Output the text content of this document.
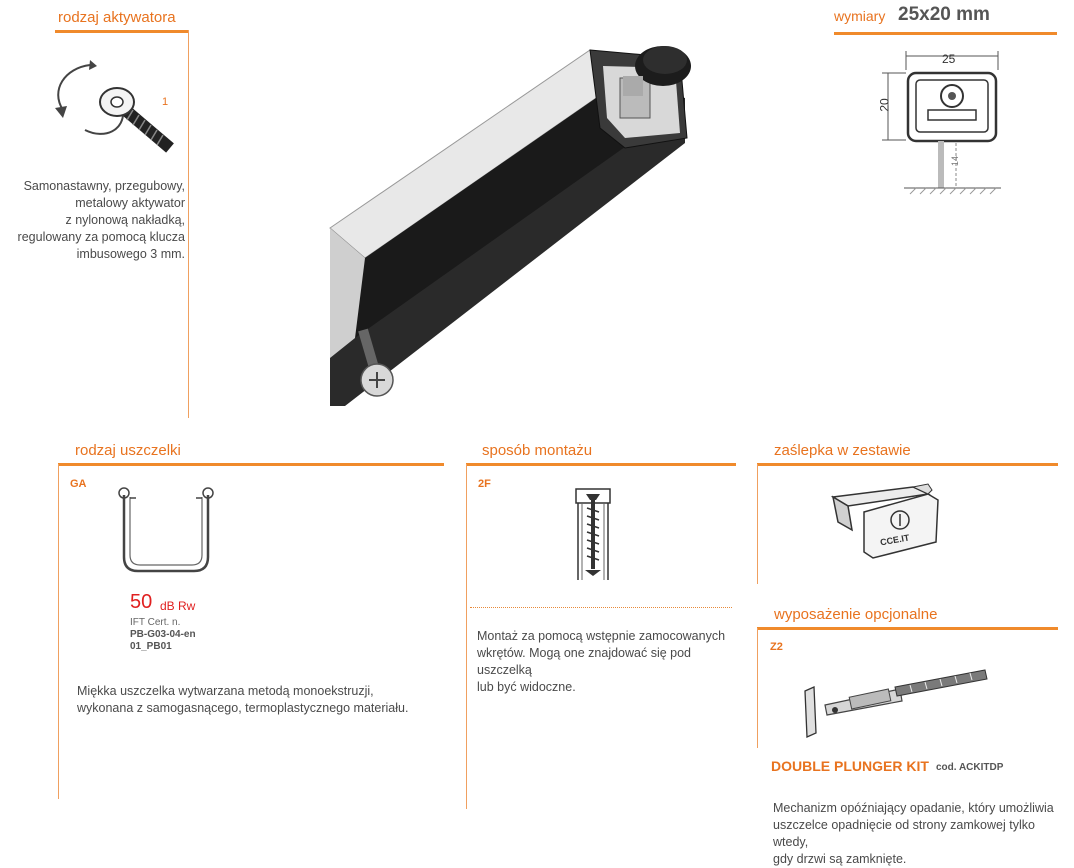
rodzaj aktywatora
1
Samonastawny, przegubowy,
metalowy aktywator
z nylonową nakładką,
regulowany za pomocą klucza
imbusowego 3 mm.
wymiary 25x20 mm
25
20
14
rodzaj uszczelki
GA
50 dB Rw
IFT Cert. n.
PB-G03-04-en
01_PB01
Miękka uszczelka wytwarzana metodą monoekstruzji,
wykonana z samogasnącego, termoplastycznego materiału.
sposób montażu
2F
Montaż za pomocą wstępnie zamocowanych
wkrętów. Mogą one znajdować się pod uszczelką
lub być widoczne.
zaślepka w zestawie
CCE.IT
wyposażenie opcjonalne
Z2
DOUBLE PLUNGER KIT cod. ACKITDP
Mechanizm opóźniający opadanie, który umożliwia
uszczelce opadnięcie od strony zamkowej tylko wtedy,
gdy drzwi są zamknięte.
